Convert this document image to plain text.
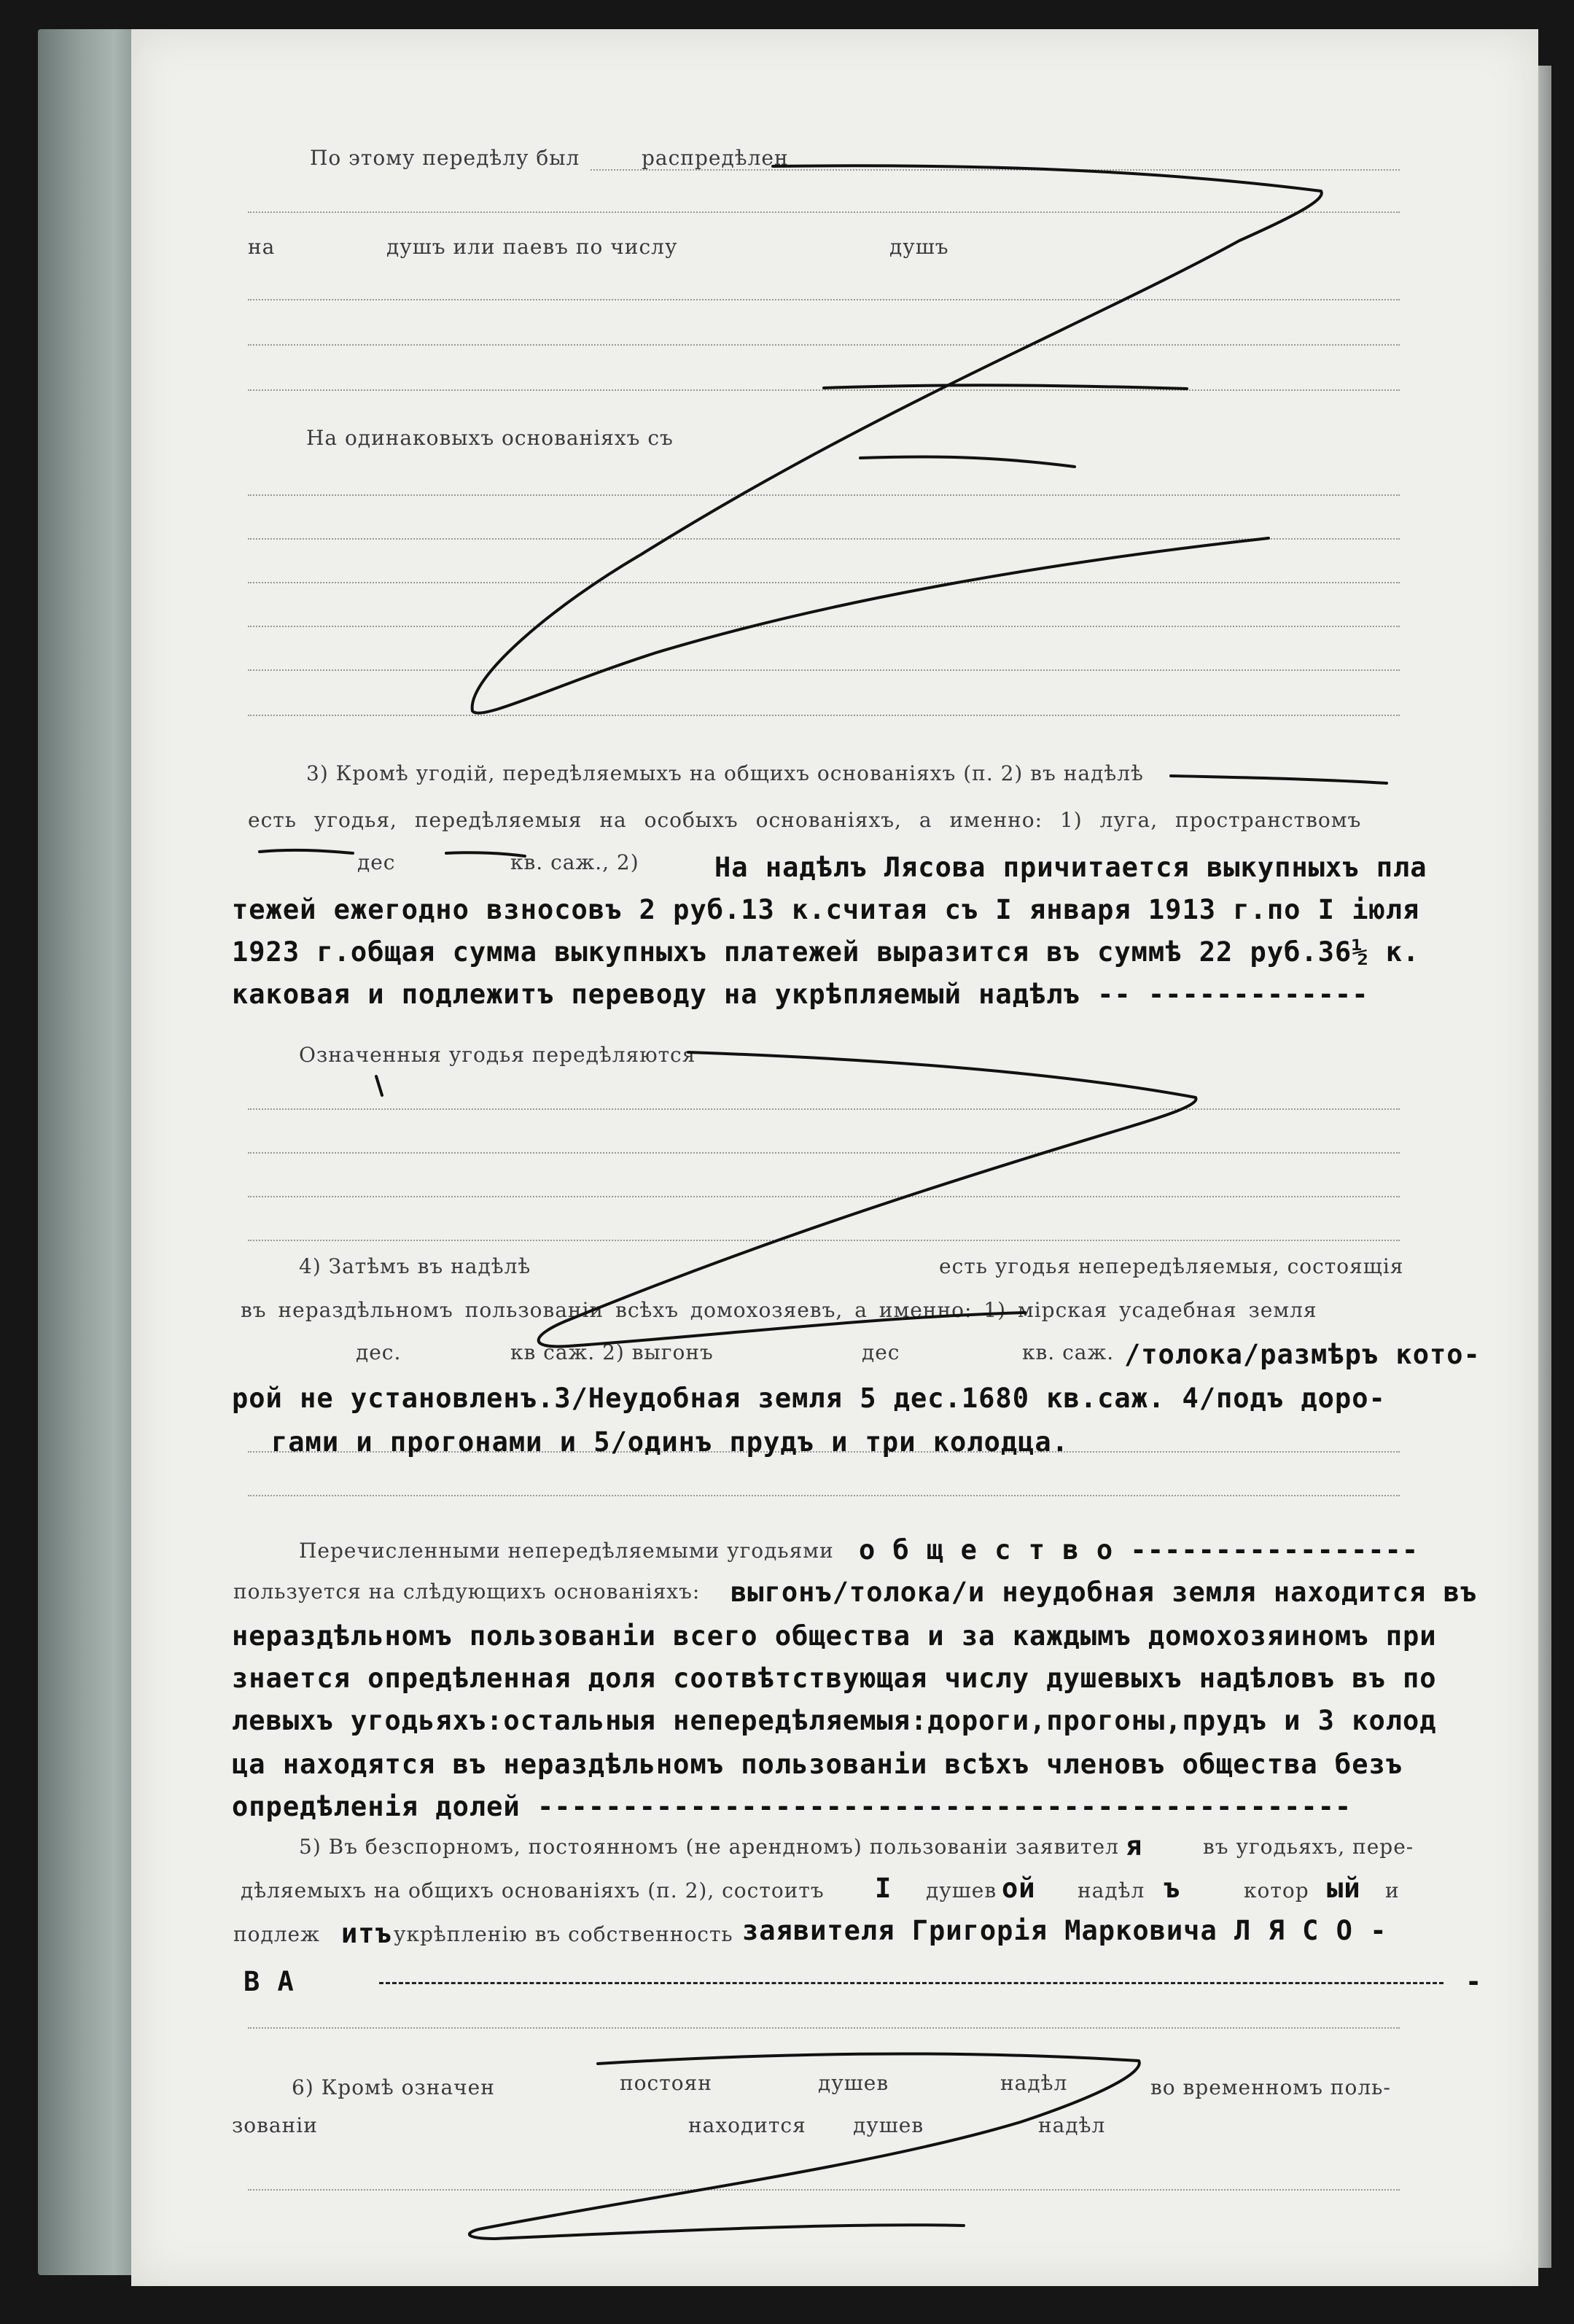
По этому передѣлу был	распредѣлен
на	душъ или паевъ по числу	душъ
На одинаковыхъ основаніяхъ съ
3) Кромѣ угодій, передѣляемыхъ на общихъ основаніяхъ (п. 2) въ надѣлѣ
есть угодья, передѣляемыя на особыхъ основаніяхъ, а именно: 1) луга, пространствомъ
дес	кв. саж., 2)
Означенныя угодья передѣляются
4) Затѣмъ въ надѣлѣ	есть угодья непередѣляемыя, состоящія
въ нераздѣльномъ пользованіи всѣхъ домохозяевъ, а именно: 1) мірская усадебная земля
дес.	кв саж. 2) выгонъ	дес	кв. саж.
Перечисленными непередѣляемыми угодьями
пользуется на слѣдующихъ основаніяхъ:
5) Въ безспорномъ, постоянномъ (не арендномъ) пользованіи заявител	въ угодьяхъ, пере-
дѣляемыхъ на общихъ основаніяхъ (п. 2), состоитъ	душев	надѣл	котор	и
подлеж	укрѣпленію въ собственность
6) Кромѣ означен	постоян	душев	надѣл	во временномъ поль-
зованіи	находится душев	надѣл
На надѣлъ Лясова причитается выкупныхъ пла
тежей ежегодно взносовъ 2 руб.13 к.считая съ I января 1913 г.по I іюля
1923 г.общая сумма выкупныхъ платежей выразится въ суммѣ 22 руб.36½ к.
каковая и подлежитъ переводу на укрѣпляемый надѣлъ -- -------------
/толока/размѣръ кото-
рой не установленъ.3/Неудобная земля 5 дес.1680 кв.саж. 4/подъ доро-
гами и прогонами и 5/одинъ прудъ и три колодца.
о б щ е с т в о -----------------
выгонъ/толока/и неудобная земля находится въ
нераздѣльномъ пользованіи всего общества и за каждымъ домохозяиномъ при
знается опредѣленная доля соотвѣтствующая числу душевыхъ надѣловъ въ по
левыхъ угодьяхъ:остальныя непередѣляемыя:дороги,прогоны,прудъ и 3 колод
ца находятся въ нераздѣльномъ пользованіи всѣхъ членовъ общества безъ
опредѣленія долей ------------------------------------------------
я
I	ой	ъ	ый
итъ	заявителя Григорія Марковича Л Я С О -
В А	-
